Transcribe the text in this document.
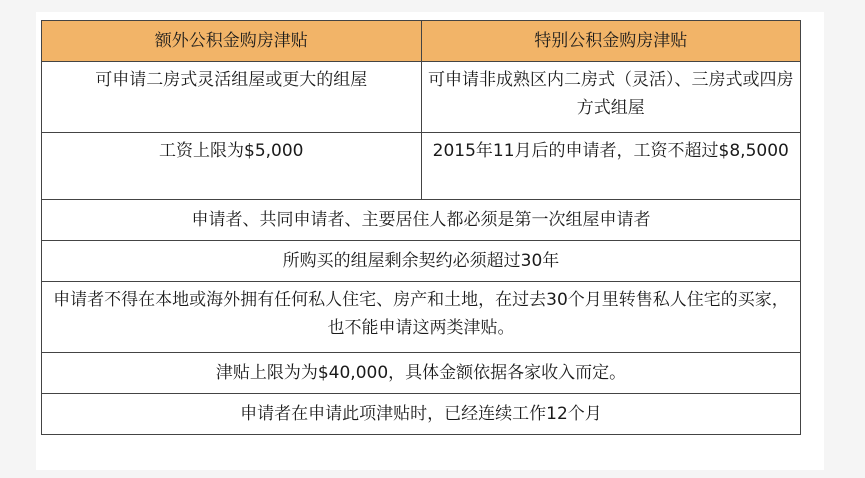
额外公积金购房津贴	特别公积金购房津贴
可申请二房式灵活组屋或更大的组屋	可申请非成熟区内二房式（灵活）、三房式或四房方式组屋
工资上限为$5,000	2015年11月后的申请者，工资不超过$8,5000
申请者、共同申请者、主要居住人都必须是第一次组屋申请者	
所购买的组屋剩余契约必须超过30年	
申请者不得在本地或海外拥有任何私人住宅、房产和土地，在过去30个月里转售私人住宅的买家，也不能申请这两类津贴。	
津贴上限为为$40,000，具体金额依据各家收入而定。	
申请者在申请此项津贴时，已经连续工作12个月	
